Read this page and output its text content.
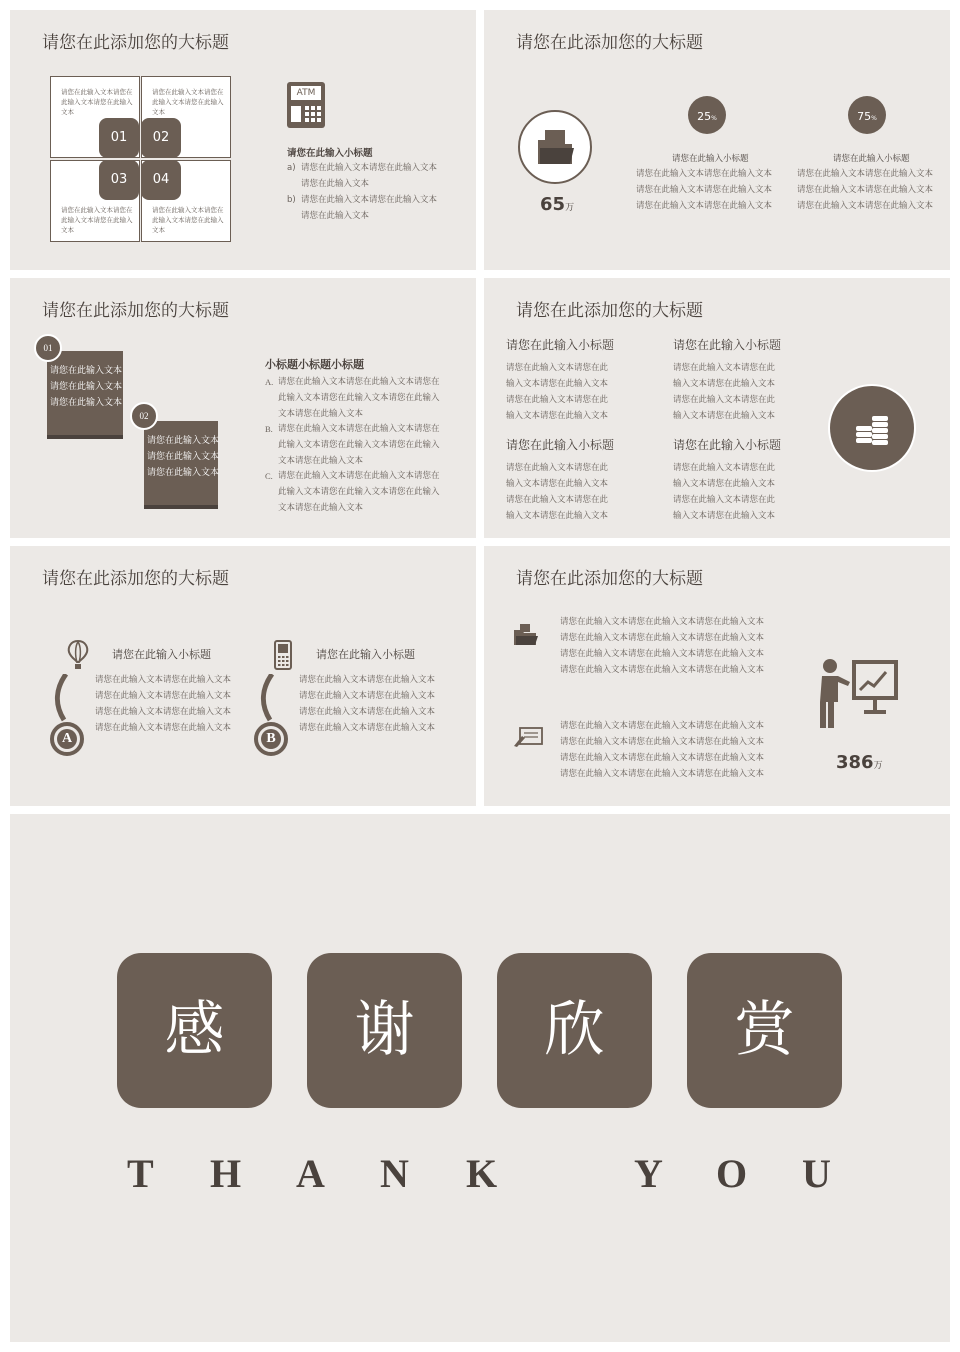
请您在此添加您的大标题
请您在此输入文本请您在此输入文本请您在此输入文本
请您在此输入文本请您在此输入文本请您在此输入文本
请您在此输入文本请您在此输入文本请您在此输入文本
请您在此输入文本请您在此输入文本请您在此输入文本
01	02
03	04
ATM
请您在此输入小标题
a) 请您在此输入文本请您在此输入文本
请您在此输入文本
b) 请您在此输入文本请您在此输入文本
请您在此输入文本
请您在此添加您的大标题
65万
25%
请您在此输入小标题
请您在此输入文本请您在此输入文本
请您在此输入文本请您在此输入文本
请您在此输入文本请您在此输入文本
75%
请您在此输入小标题
请您在此输入文本请您在此输入文本
请您在此输入文本请您在此输入文本
请您在此输入文本请您在此输入文本
请您在此添加您的大标题
请您在此输入文本
请您在此输入文本
请您在此输入文本
01
请您在此输入文本
请您在此输入文本
请您在此输入文本
02
小标题小标题小标题
A. 请您在此输入文本请您在此输入文本请您在
此输入文本请您在此输入文本请您在此输入
文本请您在此输入文本
B. 请您在此输入文本请您在此输入文本请您在
此输入文本请您在此输入文本请您在此输入
文本请您在此输入文本
C. 请您在此输入文本请您在此输入文本请您在
此输入文本请您在此输入文本请您在此输入
文本请您在此输入文本
请您在此添加您的大标题
请您在此输入小标题
请您在此输入文本请您在此
输入文本请您在此输入文本
请您在此输入文本请您在此
输入文本请您在此输入文本
请您在此输入小标题
请您在此输入文本请您在此
输入文本请您在此输入文本
请您在此输入文本请您在此
输入文本请您在此输入文本
请您在此输入小标题
请您在此输入文本请您在此
输入文本请您在此输入文本
请您在此输入文本请您在此
输入文本请您在此输入文本
请您在此输入小标题
请您在此输入文本请您在此
输入文本请您在此输入文本
请您在此输入文本请您在此
输入文本请您在此输入文本
请您在此添加您的大标题
A
请您在此输入小标题
请您在此输入文本请您在此输入文本
请您在此输入文本请您在此输入文本
请您在此输入文本请您在此输入文本
请您在此输入文本请您在此输入文本
B
请您在此输入小标题
请您在此输入文本请您在此输入文本
请您在此输入文本请您在此输入文本
请您在此输入文本请您在此输入文本
请您在此输入文本请您在此输入文本
请您在此添加您的大标题
请您在此输入文本请您在此输入文本请您在此输入文本
请您在此输入文本请您在此输入文本请您在此输入文本
请您在此输入文本请您在此输入文本请您在此输入文本
请您在此输入文本请您在此输入文本请您在此输入文本
请您在此输入文本请您在此输入文本请您在此输入文本
请您在此输入文本请您在此输入文本请您在此输入文本
请您在此输入文本请您在此输入文本请您在此输入文本
请您在此输入文本请您在此输入文本请您在此输入文本
386万
感	谢	欣	赏
T H A N K	Y O U
